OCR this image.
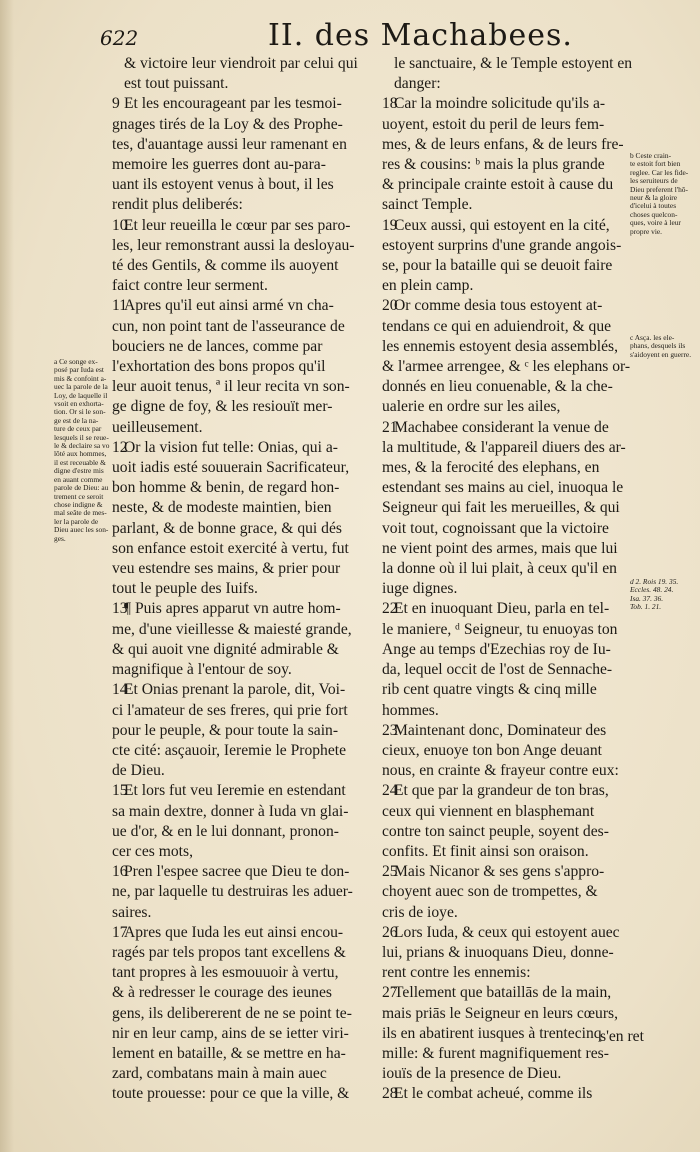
622	II. des Machabees.
& victoire leur viendroit par celui qui
est tout puissant.
9 Et les encourageant par les tesmoi-
gnages tirés de la Loy & des Prophe-
tes, d'auantage aussi leur ramenant en
memoire les guerres dont au-para-
uant ils estoyent venus à bout, il les
rendit plus deliberés:
10Et leur reueilla le cœur par ses paro-
les, leur remonstrant aussi la desloyau-
té des Gentils, & comme ils auoyent
faict contre leur serment.
11Apres qu'il eut ainsi armé vn cha-
cun, non point tant de l'asseurance de
bouciers ne de lances, comme par
l'exhortation des bons propos qu'il
leur auoit tenus, ª il leur recita vn son-
ge digne de foy, & les resiouït mer-
ueilleusement.
12Or la vision fut telle: Onias, qui a-
uoit iadis esté souuerain Sacrificateur,
bon homme & benin, de regard hon-
neste, & de modeste maintien, bien
parlant, & de bonne grace, & qui dés
son enfance estoit exercité à vertu, fut
veu estendre ses mains, & prier pour
tout le peuple des Iuifs.
13¶ Puis apres apparut vn autre hom-
me, d'une vieillesse & maiesté grande,
& qui auoit vne dignité admirable &
magnifique à l'entour de soy.
14Et Onias prenant la parole, dit, Voi-
ci l'amateur de ses freres, qui prie fort
pour le peuple, & pour toute la sain-
cte cité: asçauoir, Ieremie le Prophete
de Dieu.
15Et lors fut veu Ieremie en estendant
sa main dextre, donner à Iuda vn glai-
ue d'or, & en le lui donnant, pronon-
cer ces mots,
16Pren l'espee sacree que Dieu te don-
ne, par laquelle tu destruiras les aduer-
saires.
17Apres que Iuda les eut ainsi encou-
ragés par tels propos tant excellens &
tant propres à les esmouuoir à vertu,
& à redresser le courage des ieunes
gens, ils delibererent de ne se point te-
nir en leur camp, ains de se ietter viri-
lement en bataille, & se mettre en ha-
zard, combatans main à main auec
toute prouesse: pour ce que la ville, &
le sanctuaire, & le Temple estoyent en
danger:
18Car la moindre solicitude qu'ils a-
uoyent, estoit du peril de leurs fem-
mes, & de leurs enfans, & de leurs fre-
res & cousins: ᵇ mais la plus grande
& principale crainte estoit à cause du
sainct Temple.
19Ceux aussi, qui estoyent en la cité,
estoyent surprins d'une grande angois-
se, pour la bataille qui se deuoit faire
en plein camp.
20Or comme desia tous estoyent at-
tendans ce qui en aduiendroit, & que
les ennemis estoyent desia assemblés,
& l'armee arrengee, & ᶜ les elephans or-
donnés en lieu conuenable, & la che-
ualerie en ordre sur les ailes,
21Machabee considerant la venue de
la multitude, & l'appareil diuers des ar-
mes, & la ferocité des elephans, en
estendant ses mains au ciel, inuoqua le
Seigneur qui fait les merueilles, & qui
voit tout, cognoissant que la victoire
ne vient point des armes, mais que lui
la donne où il lui plait, à ceux qu'il en
iuge dignes.
22Et en inuoquant Dieu, parla en tel-
le maniere, ᵈ Seigneur, tu enuoyas ton
Ange au temps d'Ezechias roy de Iu-
da, lequel occit de l'ost de Sennache-
rib cent quatre vingts & cinq mille
hommes.
23Maintenant donc, Dominateur des
cieux, enuoye ton bon Ange deuant
nous, en crainte & frayeur contre eux:
24Et que par la grandeur de ton bras,
ceux qui viennent en blasphemant
contre ton sainct peuple, soyent des-
confits. Et finit ainsi son oraison.
25Mais Nicanor & ses gens s'appro-
choyent auec son de trompettes, &
cris de ioye.
26Lors Iuda, & ceux qui estoyent auec
lui, prians & inuoquans Dieu, donne-
rent contre les ennemis:
27Tellement que bataillās de la main,
mais priās le Seigneur en leurs cœurs,
ils en abatirent iusques à trentecinq
mille: & furent magnifiquement res-
iouïs de la presence de Dieu.
28Et le combat acheué, comme ils
s'en ret
a Ce songe ex-
posé par Iuda est
mis & confoint a-
uec la parole de la
Loy, de laquelle il
vsoit en exhorta-
tion. Or si le son-
ge est de la na-
ture de ceux par
lesquels il se reue-
le & declaire sa vo
lõté aux hommes,
il est receuable &
digne d'estre mis
en auant comme
parole de Dieu: au
trement ce seroit
chose indigne &
mal seãte de mes-
ler la parole de
Dieu auec les son-
ges.
b Ceste crain-
te estoit fort bien
reglee. Car les fide-
les seruiteurs de
Dieu preferent l'hō-
neur & la gloire
d'icelui à toutes
choses quelcon-
ques, voire à leur
propre vie.
c Asça. les ele-
phans, desquels ils
s'aidoyent en guerre.
d 2. Rois 19. 35.
Eccles. 48. 24.
Isa. 37. 36.
Tob. 1. 21.
